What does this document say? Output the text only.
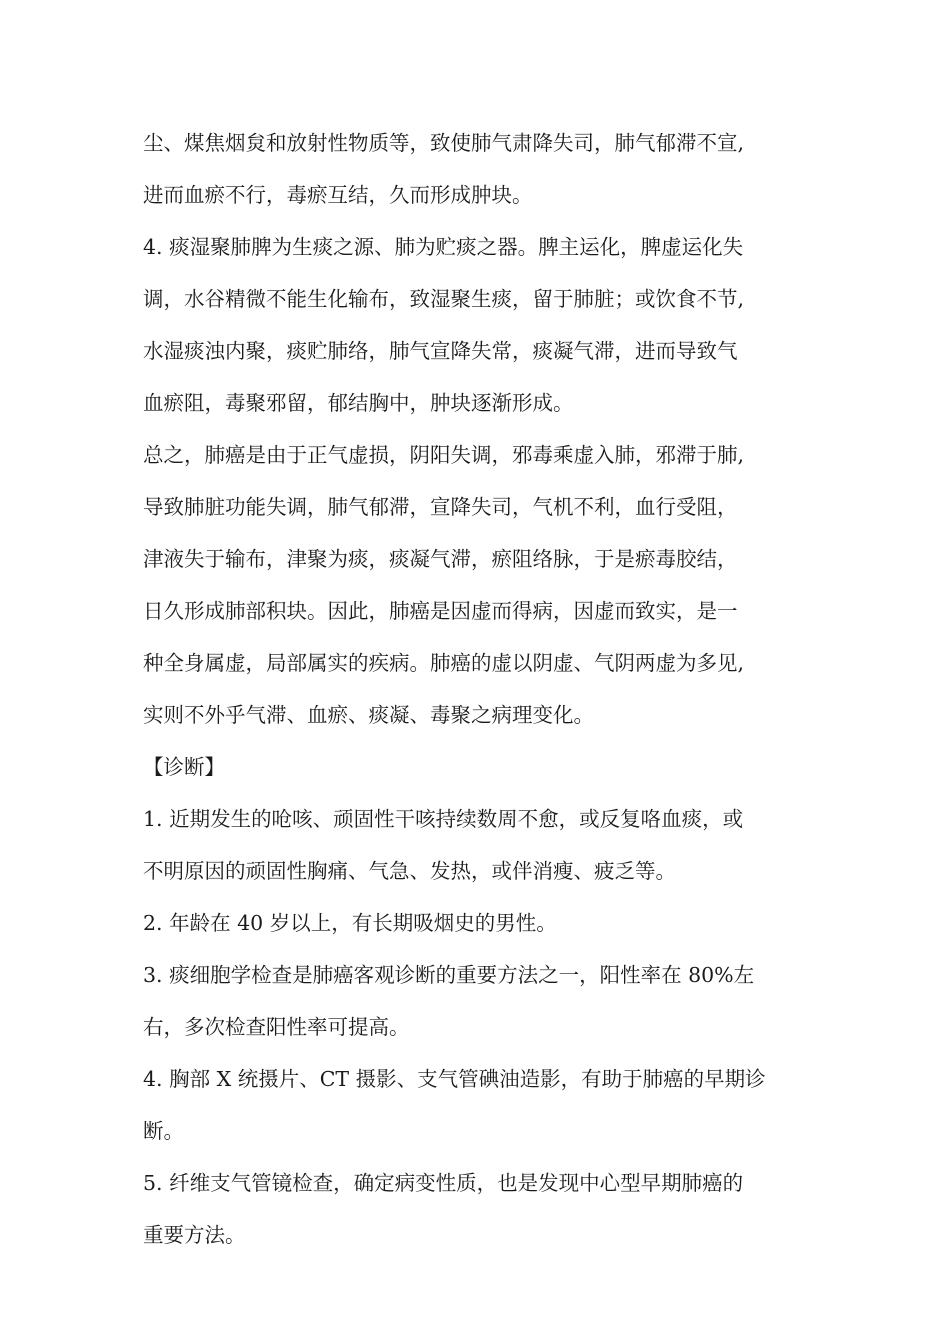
尘、煤焦烟炱和放射性物质等，致使肺气肃降失司，肺气郁滞不宣,
进而血瘀不行，毒瘀互结，久而形成肿块。
4. 痰湿聚肺脾为生痰之源、肺为贮痰之器。脾主运化，脾虚运化失
调，水谷精微不能生化输布，致湿聚生痰，留于肺脏；或饮食不节,
水湿痰浊内聚，痰贮肺络，肺气宣降失常，痰凝气滞，进而导致气
血瘀阻，毒聚邪留，郁结胸中，肿块逐渐形成。
总之，肺癌是由于正气虚损，阴阳失调，邪毒乘虚入肺，邪滞于肺,
导致肺脏功能失调，肺气郁滞，宣降失司，气机不利，血行受阻，
津液失于输布，津聚为痰，痰凝气滞，瘀阻络脉，于是瘀毒胶结，
日久形成肺部积块。因此，肺癌是因虚而得病，因虚而致实，是一
种全身属虚，局部属实的疾病。肺癌的虚以阴虚、气阴两虚为多见,
实则不外乎气滞、血瘀、痰凝、毒聚之病理变化。
【诊断】
1. 近期发生的呛咳、顽固性干咳持续数周不愈，或反复咯血痰，或
不明原因的顽固性胸痛、气急、发热，或伴消瘦、疲乏等。
2. 年龄在 40 岁以上，有长期吸烟史的男性。
3. 痰细胞学检查是肺癌客观诊断的重要方法之一，阳性率在 80%左
右，多次检查阳性率可提高。
4. 胸部 X 统摄片、CT 摄影、支气管碘油造影，有助于肺癌的早期诊
断。
5. 纤维支气管镜检查，确定病变性质，也是发现中心型早期肺癌的
重要方法。
